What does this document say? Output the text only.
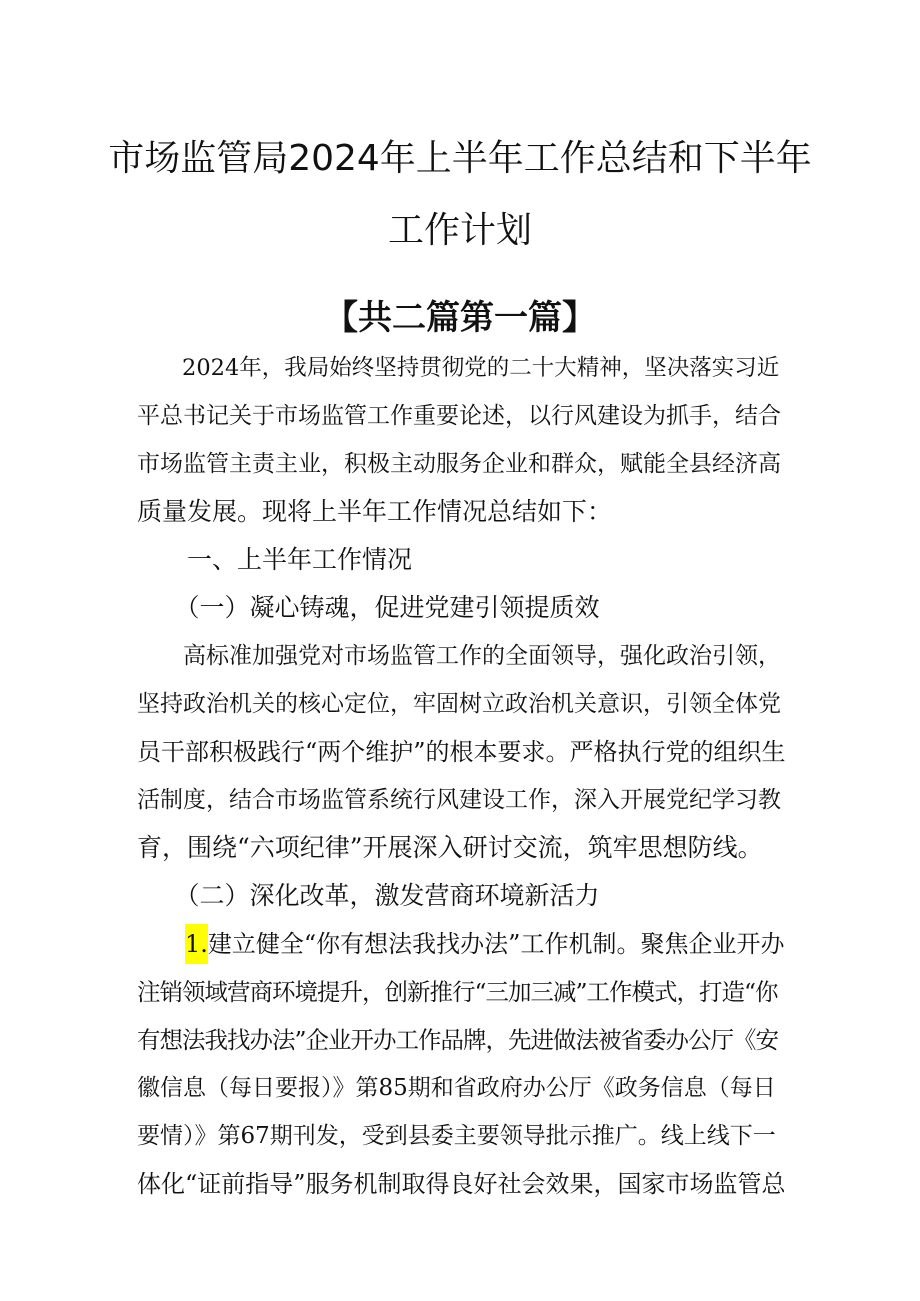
市场监管局2024年上半年工作总结和下半年
工作计划
【共二篇第一篇】
　　2024年，我局始终坚持贯彻党的二十大精神，坚决落实习近
平总书记关于市场监管工作重要论述，以行风建设为抓手，结合
市场监管主责主业，积极主动服务企业和群众，赋能全县经济高
质量发展。现将上半年工作情况总结如下：
　　一、上半年工作情况
　　（一）凝心铸魂，促进党建引领提质效
　　高标准加强党对市场监管工作的全面领导，强化政治引领，
坚持政治机关的核心定位，牢固树立政治机关意识，引领全体党
员干部积极践行“两个维护”的根本要求。严格执行党的组织生
活制度，结合市场监管系统行风建设工作，深入开展党纪学习教
育，围绕“六项纪律”开展深入研讨交流，筑牢思想防线。
　　（二）深化改革，激发营商环境新活力
1.建立健全“你有想法我找办法”工作机制。聚焦企业开办
注销领域营商环境提升，创新推行“三加三减”工作模式，打造“你
有想法我找办法”企业开办工作品牌，先进做法被省委办公厅《安
徽信息（每日要报）》第85期和省政府办公厅《政务信息（每日
要情）》第67期刊发，受到县委主要领导批示推广。线上线下一
体化“证前指导”服务机制取得良好社会效果，国家市场监管总
